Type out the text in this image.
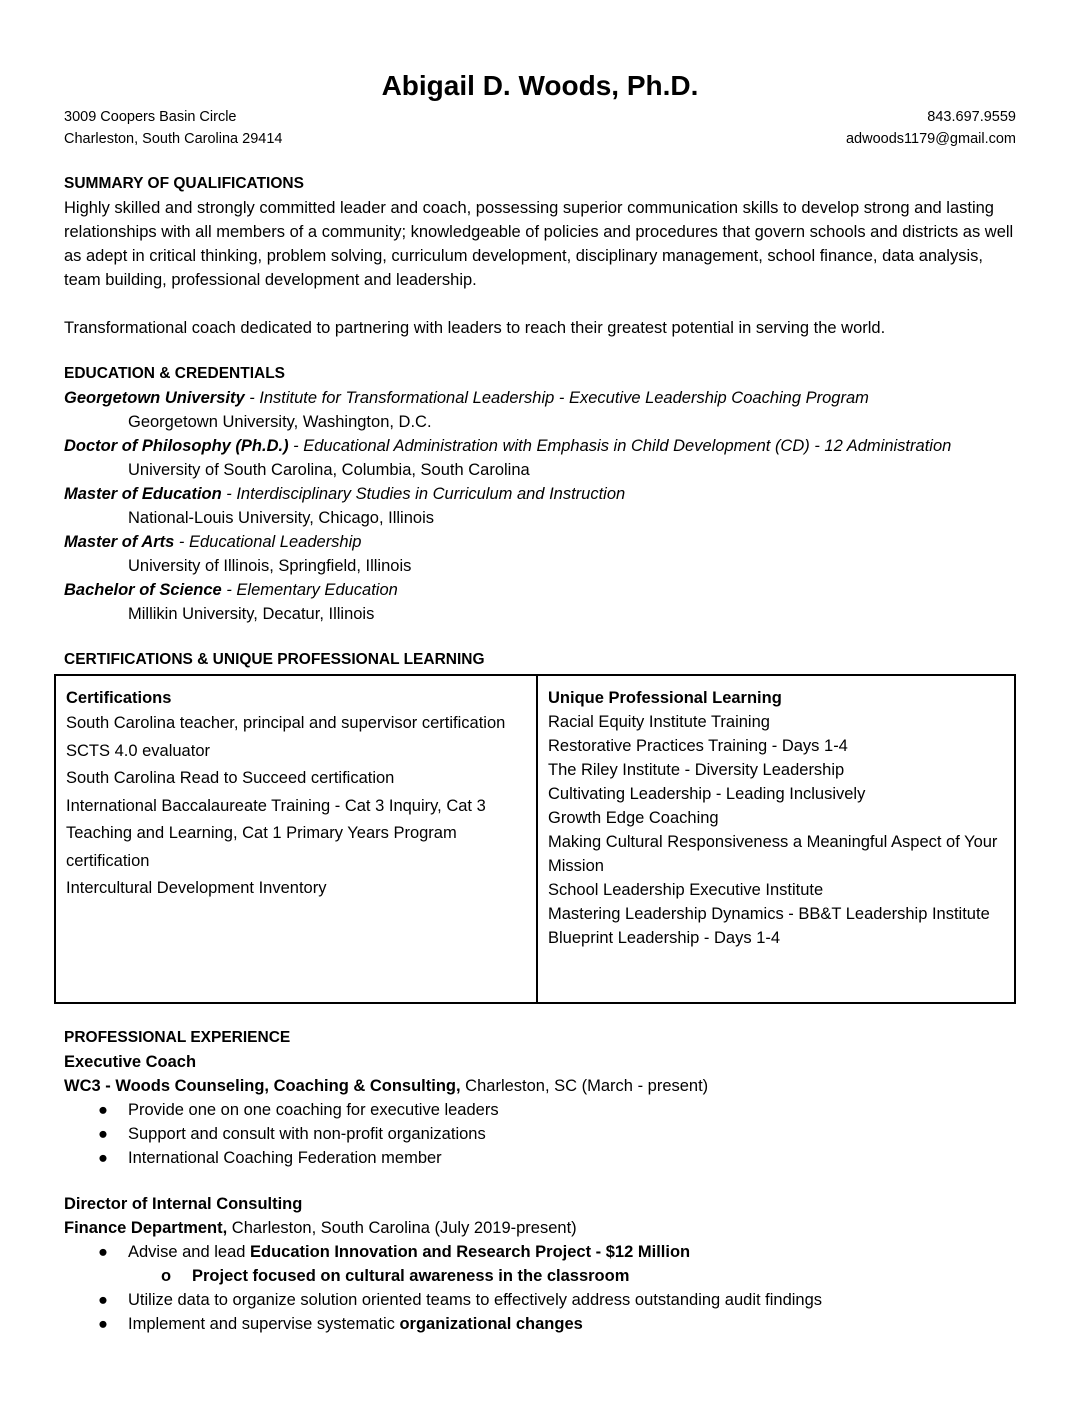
Abigail D. Woods, Ph.D.
3009 Coopers Basin Circle
Charleston, South Carolina 29414
843.697.9559
adwoods1179@gmail.com
SUMMARY OF QUALIFICATIONS

Highly skilled and strongly committed leader and coach, possessing superior communication skills to develop strong and lasting relationships with all members of a community; knowledgeable of policies and procedures that govern schools and districts as well as adept in critical thinking, problem solving, curriculum development, disciplinary management, school finance, data analysis, team building, professional development and leadership.

Transformational coach dedicated to partnering with leaders to reach their greatest potential in serving the world.

EDUCATION & CREDENTIALS

Georgetown University - Institute for Transformational Leadership - Executive Leadership Coaching Program

Georgetown University, Washington, D.C.

Doctor of Philosophy (Ph.D.) - Educational Administration with Emphasis in Child Development (CD) - 12 Administration

University of South Carolina, Columbia, South Carolina

Master of Education - Interdisciplinary Studies in Curriculum and Instruction

National-Louis University, Chicago, Illinois

Master of Arts - Educational Leadership

University of Illinois, Springfield, Illinois

Bachelor of Science - Elementary Education

Millikin University, Decatur, Illinois
CERTIFICATIONS & UNIQUE PROFESSIONAL LEARNING
Certifications
South Carolina teacher, principal and supervisor certification
SCTS 4.0 evaluator
South Carolina Read to Succeed certification
International Baccalaureate Training - Cat 3 Inquiry, Cat 3 Teaching and Learning, Cat 1 Primary Years Program certification
Intercultural Development Inventory

Unique Professional Learning
Racial Equity Institute Training
Restorative Practices Training - Days 1-4
The Riley Institute - Diversity Leadership
Cultivating Leadership - Leading Inclusively
Growth Edge Coaching
Making Cultural Responsiveness a Meaningful Aspect of Your Mission
School Leadership Executive Institute
Mastering Leadership Dynamics - BB&T Leadership Institute
Blueprint Leadership - Days 1-4
PROFESSIONAL EXPERIENCE
Executive Coach
WC3 - Woods Counseling, Coaching & Consulting, Charleston, SC (March - present)
● Provide one on one coaching for executive leaders
● Support and consult with non-profit organizations
● International Coaching Federation member
Director of Internal Consulting
Finance Department, Charleston, South Carolina (July 2019-present)
● Advise and lead Education Innovation and Research Project - $12 Million
o Project focused on cultural awareness in the classroom
● Utilize data to organize solution oriented teams to effectively address outstanding audit findings
● Implement and supervise systematic organizational changes
